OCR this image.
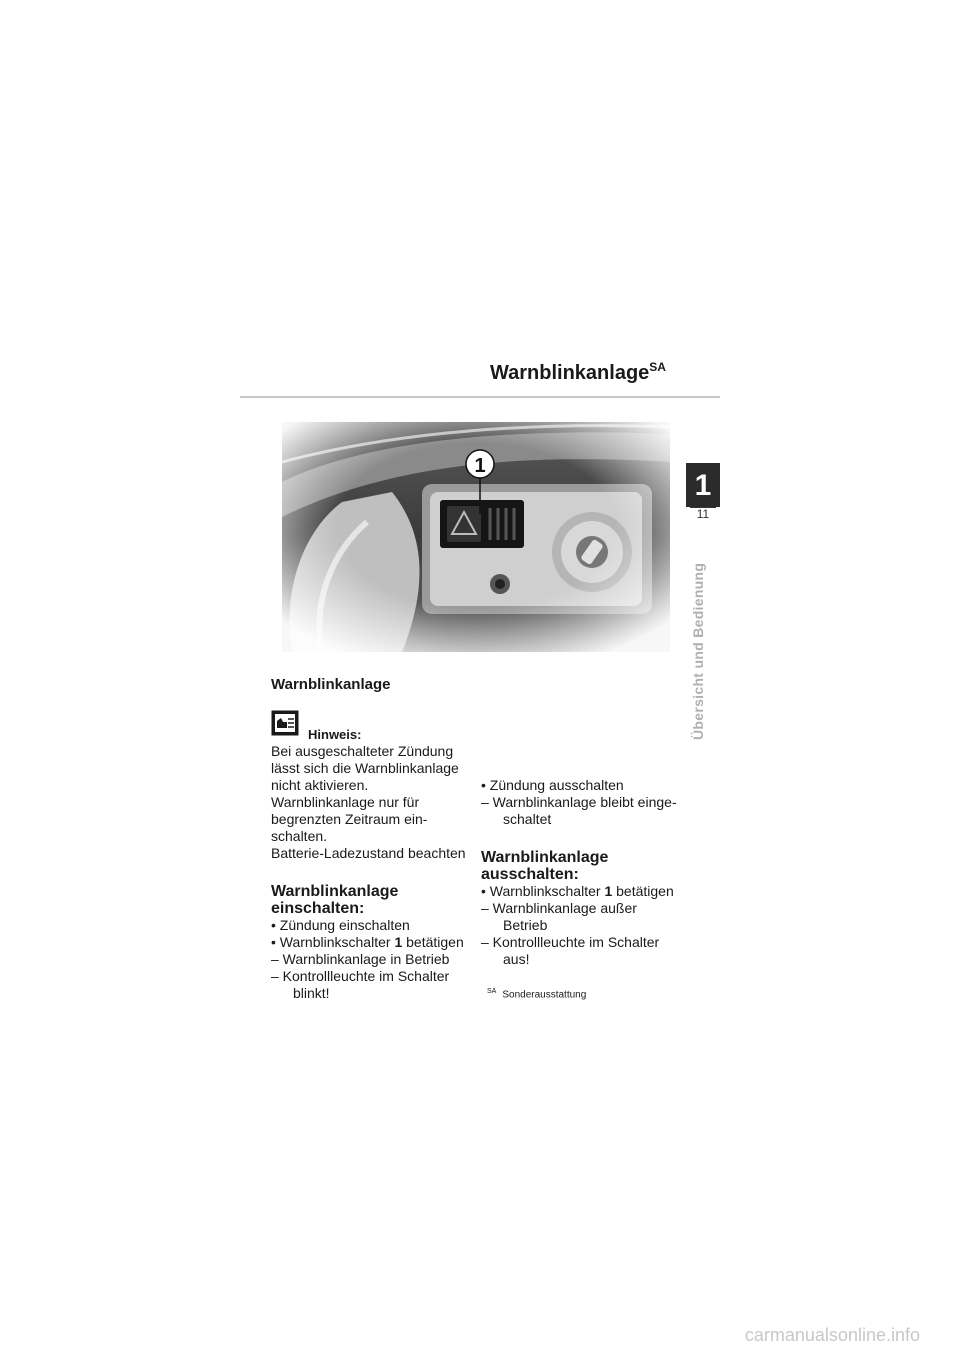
Warnblinkanlage$^{SA}$
1
11
Übersicht und Bedienung
1
Warnblinkanlage
Hinweis:

Bei ausgeschalteter Zündung

lässt sich die Warnblinkanlage

nicht aktivieren.

Warnblinkanlage nur für

begrenzten Zeitraum ein-

schalten.

Batterie-Ladezustand beachten

Warnblinkanlage

einschalten:

• Zündung einschalten

• Warnblinkschalter 1 betätigen

– Warnblinkanlage in Betrieb

– Kontrollleuchte im Schalter

blinkt!

• Zündung ausschalten

– Warnblinkanlage bleibt einge-

schaltet

Warnblinkanlage

ausschalten:

• Warnblinkschalter 1 betätigen

– Warnblinkanlage außer

Betrieb

– Kontrollleuchte im Schalter

aus!

$^{SA}$ Sonderausstattung
carmanualsonline.info
